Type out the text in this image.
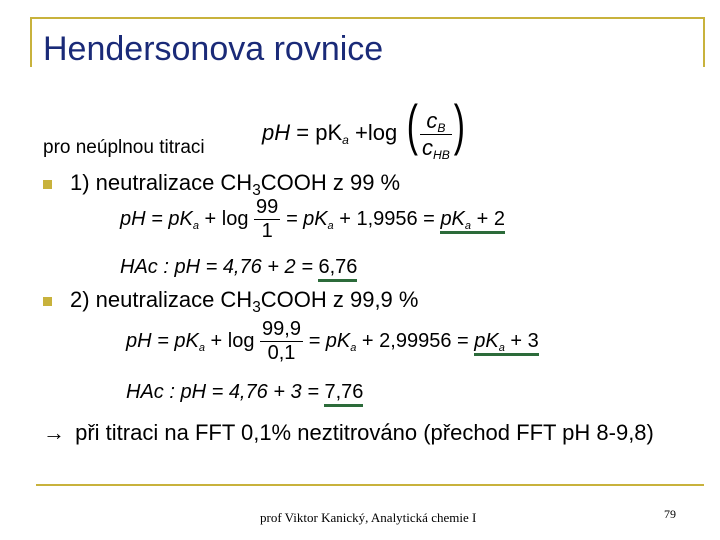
Hendersonova rovnice
pro neúplnou titraci
pH = pKa +log ( $\frac{cB}{\text{cHB}}$ )
1) neutralizace $CH_3COOH$ z 99 %
pH = pKa + $\log \frac{99}{1}$ = pKa + 1,9956 = pKa + 2
HAc : pH = 4,76 + 2 = 6,76
2) neutralizace $CH_3COOH$ z 99,9 %
pH = pKa + $\log \frac{99,9}{0,1}$ = pKa + 2,99956 = pKa + 3
HAc : pH = 4,76 + 3 = 7,76
→ při titraci na FFT 0,1% neztitrováno (přechod FFT pH 8-9,8)
prof Viktor Kanický, Analytická chemie I	79
